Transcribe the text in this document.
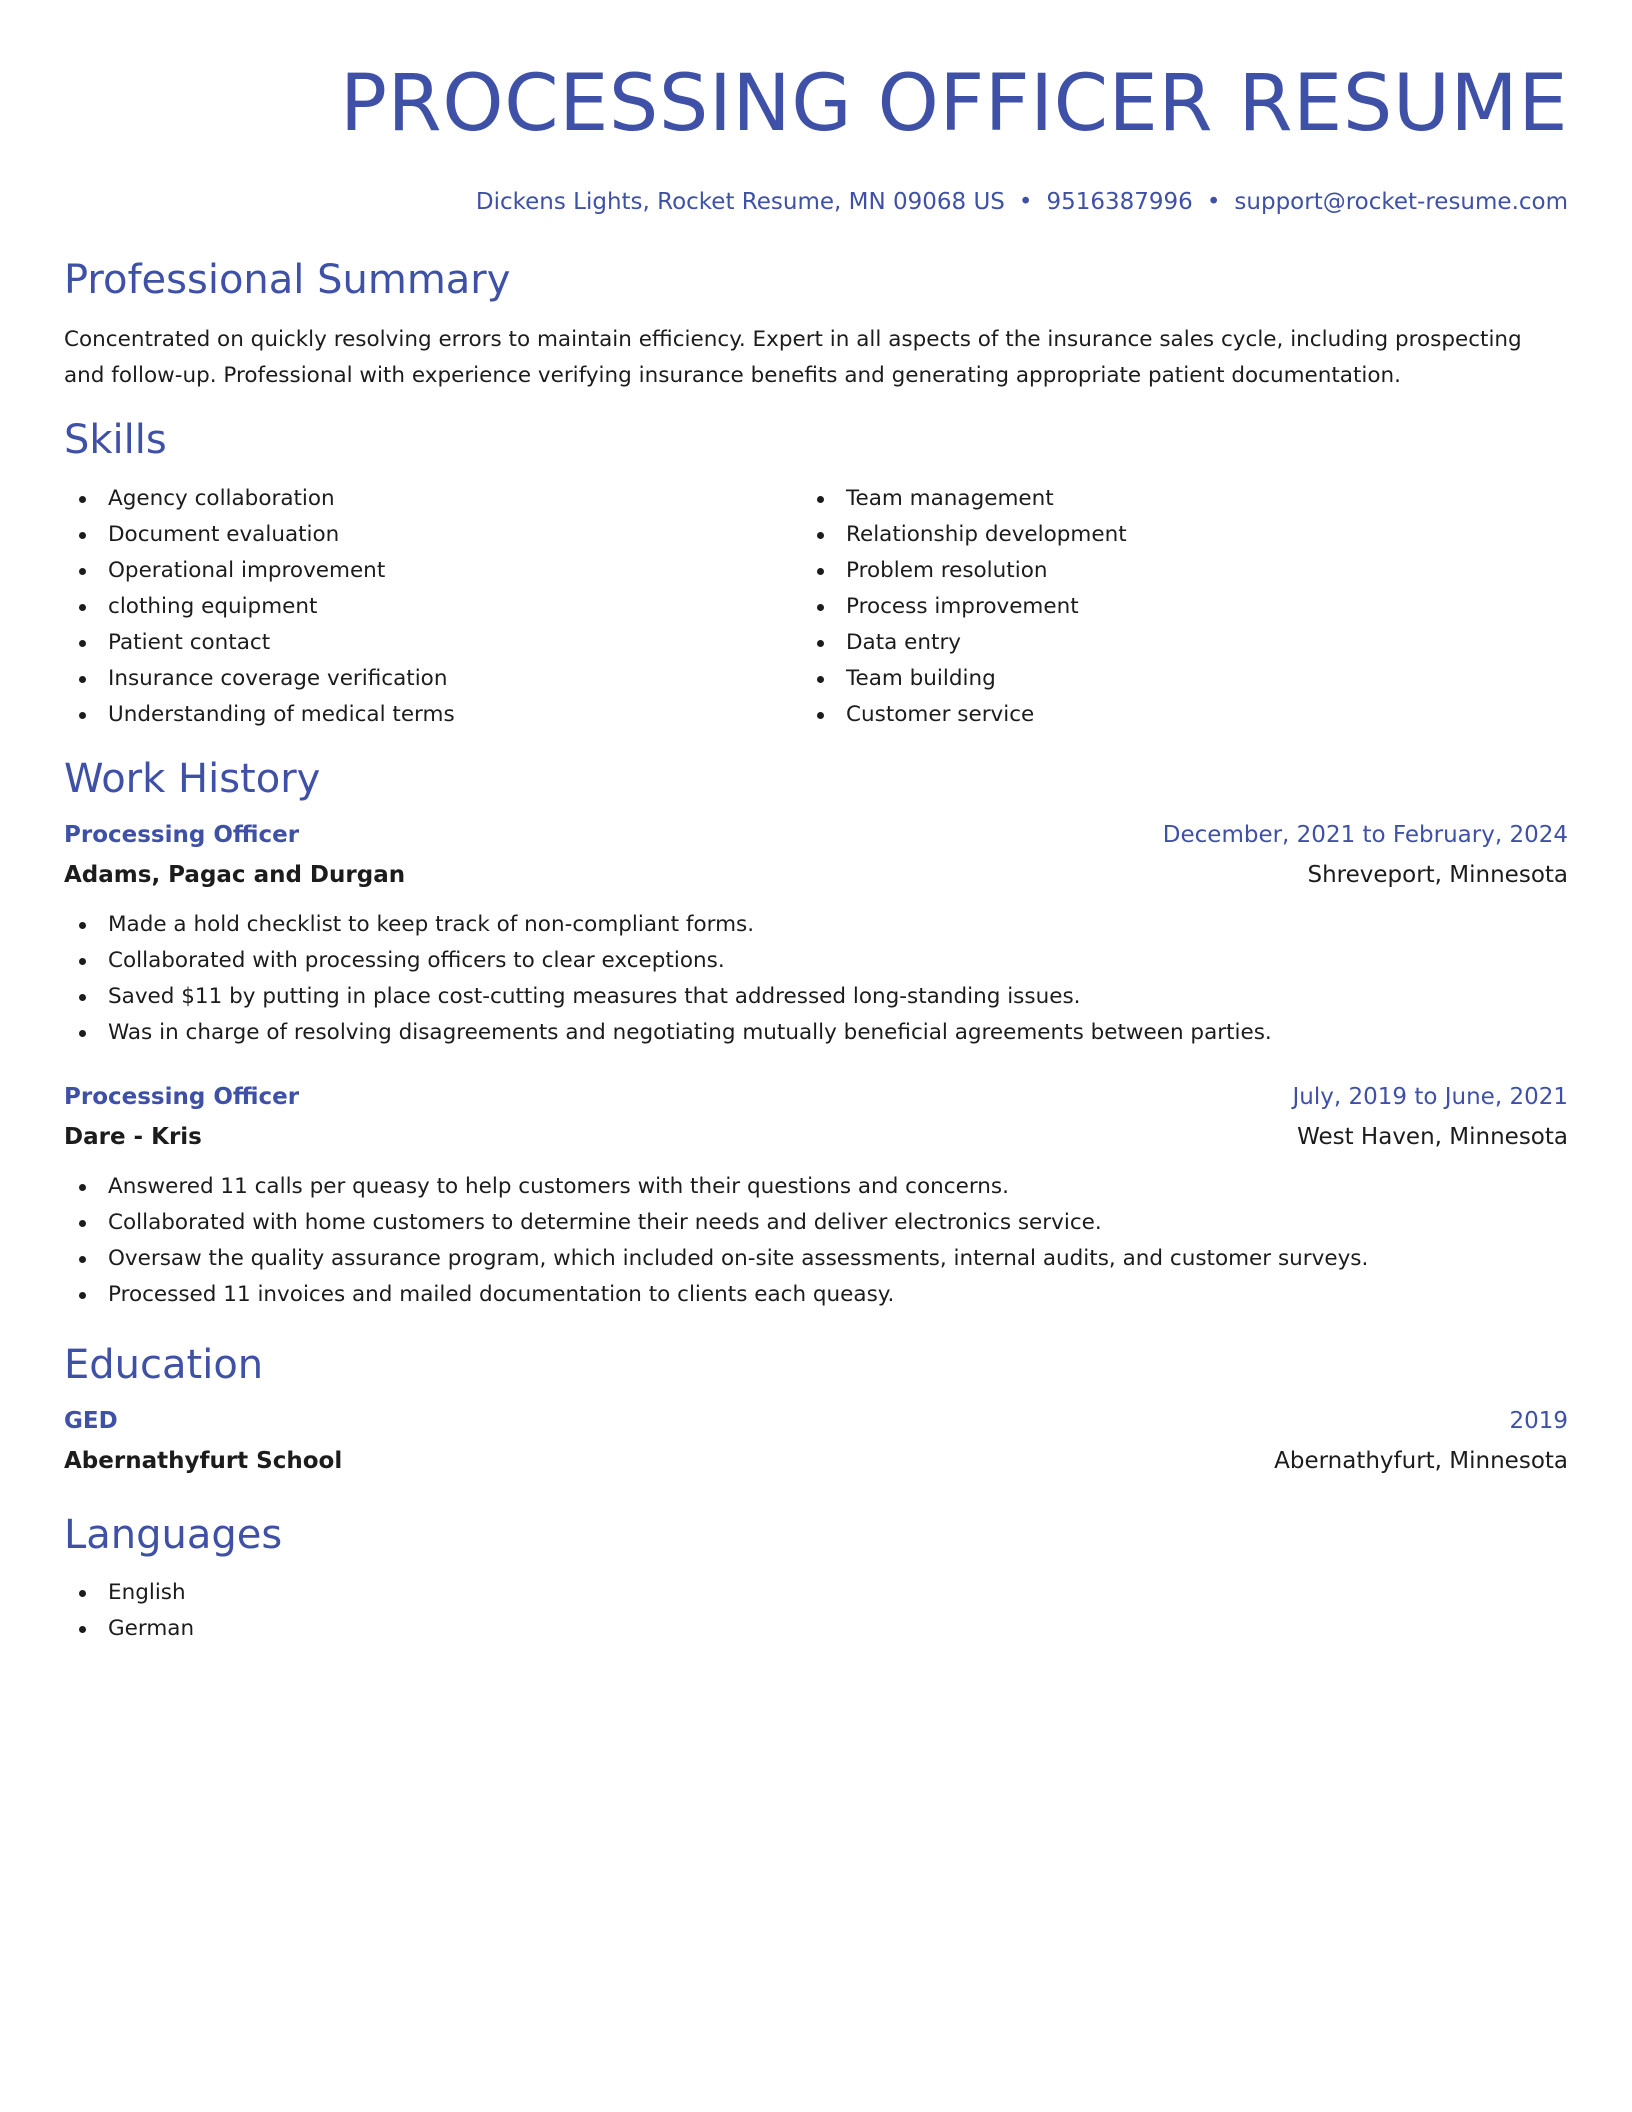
PROCESSING OFFICER RESUME
Dickens Lights, Rocket Resume, MN 09068 US • 9516387996 • support@rocket-resume.com
Professional Summary

Concentrated on quickly resolving errors to maintain efficiency. Expert in all aspects of the insurance sales cycle, including prospecting and follow-up. Professional with experience verifying insurance benefits and generating appropriate patient documentation.

Skills
Agency collaboration
Document evaluation
Operational improvement
clothing equipment
Patient contact
Insurance coverage verification
Understanding of medical terms
Team management
Relationship development
Problem resolution
Process improvement
Data entry
Team building
Customer service
Work History
Processing Officer	December, 2021 to February, 2024
Adams, Pagac and Durgan	Shreveport, Minnesota
Made a hold checklist to keep track of non-compliant forms.
Collaborated with processing officers to clear exceptions.
Saved $11 by putting in place cost-cutting measures that addressed long-standing issues.
Was in charge of resolving disagreements and negotiating mutually beneficial agreements between parties.
Processing Officer	July, 2019 to June, 2021
Dare - Kris	West Haven, Minnesota
Answered 11 calls per queasy to help customers with their questions and concerns.
Collaborated with home customers to determine their needs and deliver electronics service.
Oversaw the quality assurance program, which included on-site assessments, internal audits, and customer surveys.
Processed 11 invoices and mailed documentation to clients each queasy.
Education
GED	2019
Abernathyfurt School	Abernathyfurt, Minnesota
Languages
English
German
